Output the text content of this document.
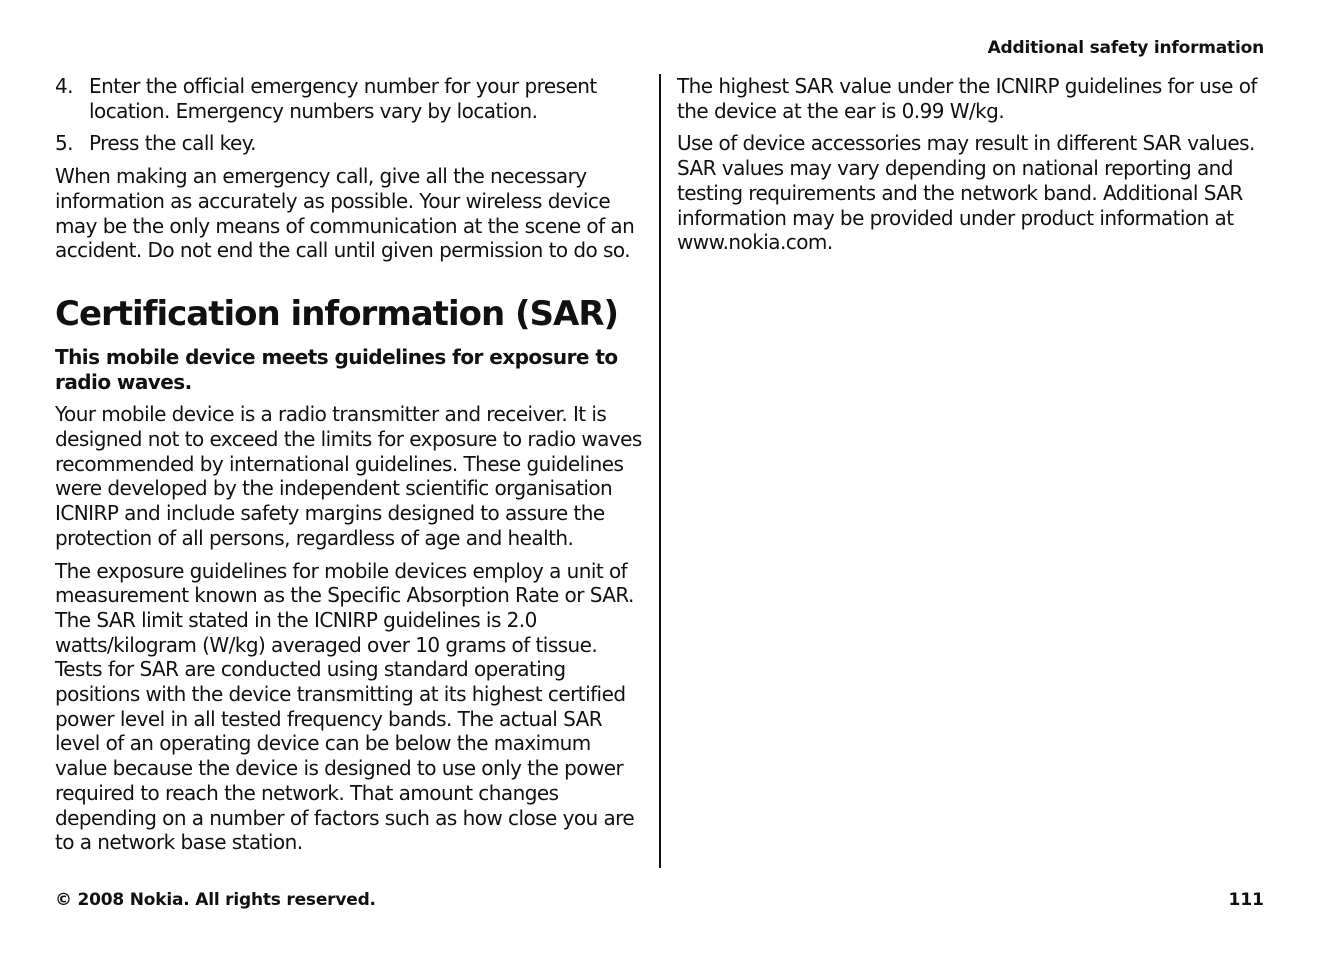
Additional safety information
4. Enter the official emergency number for your present location. Emergency numbers vary by location.
5. Press the call key.

When making an emergency call, give all the necessary information as accurately as possible. Your wireless device may be the only means of communication at the scene of an accident. Do not end the call until given permission to do so.

Certification information (SAR)

This mobile device meets guidelines for exposure to radio waves.

Your mobile device is a radio transmitter and receiver. It is designed not to exceed the limits for exposure to radio waves recommended by international guidelines. These guidelines were developed by the independent scientific organisation ICNIRP and include safety margins designed to assure the protection of all persons, regardless of age and health.

The exposure guidelines for mobile devices employ a unit of measurement known as the Specific Absorption Rate or SAR. The SAR limit stated in the ICNIRP guidelines is 2.0 watts/kilogram (W/kg) averaged over 10 grams of tissue. Tests for SAR are conducted using standard operating positions with the device transmitting at its highest certified power level in all tested frequency bands. The actual SAR level of an operating device can be below the maximum value because the device is designed to use only the power required to reach the network. That amount changes depending on a number of factors such as how close you are to a network base station.

The highest SAR value under the ICNIRP guidelines for use of the device at the ear is 0.99 W/kg.

Use of device accessories may result in different SAR values. SAR values may vary depending on national reporting and testing requirements and the network band. Additional SAR information may be provided under product information at www.nokia.com.

© 2008 Nokia. All rights reserved.	111
